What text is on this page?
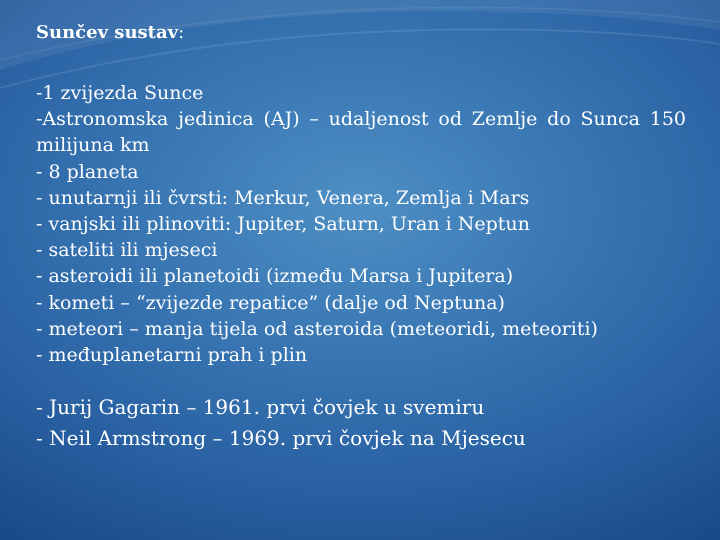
Sunčev sustav:
-1 zvijezda Sunce
-Astronomska jedinica (AJ) – udaljenost od Zemlje do Sunca 150 milijuna km
- 8 planeta
- unutarnji ili čvrsti: Merkur, Venera, Zemlja i Mars
- vanjski ili plinoviti: Jupiter, Saturn, Uran i Neptun
- sateliti ili mjeseci
- asteroidi ili planetoidi (između Marsa i Jupitera)
- kometi – “zvijezde repatice” (dalje od Neptuna)
- meteori – manja tijela od asteroida (meteoridi, meteoriti)
- međuplanetarni prah i plin
- Jurij Gagarin – 1961. prvi čovjek u svemiru
- Neil Armstrong – 1969. prvi čovjek na Mjesecu
